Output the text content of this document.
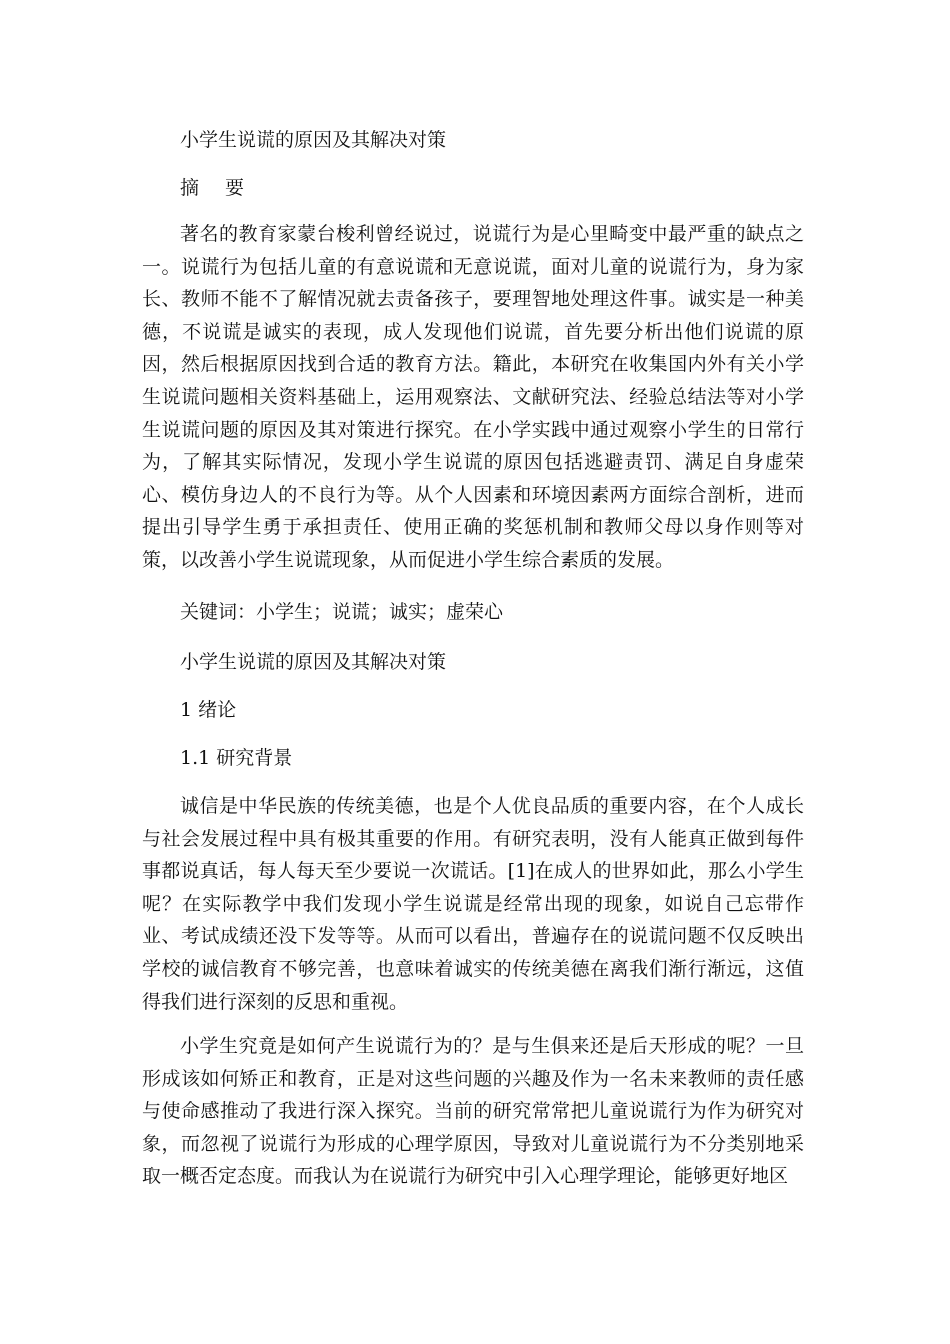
小学生说谎的原因及其解决对策
摘 要

著名的教育家蒙台梭利曾经说过，说谎行为是心里畸变中最严重的缺点之一。说谎行为包括儿童的有意说谎和无意说谎，面对儿童的说谎行为，身为家长、教师不能不了解情况就去责备孩子，要理智地处理这件事。诚实是一种美德，不说谎是诚实的表现，成人发现他们说谎，首先要分析出他们说谎的原因，然后根据原因找到合适的教育方法。籍此，本研究在收集国内外有关小学生说谎问题相关资料基础上，运用观察法、文献研究法、经验总结法等对小学生说谎问题的原因及其对策进行探究。在小学实践中通过观察小学生的日常行为，了解其实际情况，发现小学生说谎的原因包括逃避责罚、满足自身虚荣心、模仿身边人的不良行为等。从个人因素和环境因素两方面综合剖析，进而提出引导学生勇于承担责任、使用正确的奖惩机制和教师父母以身作则等对策，以改善小学生说谎现象，从而促进小学生综合素质的发展。

关键词：小学生；说谎；诚实；虚荣心
小学生说谎的原因及其解决对策
1 绪论
1.1 研究背景

诚信是中华民族的传统美德，也是个人优良品质的重要内容，在个人成长与社会发展过程中具有极其重要的作用。有研究表明，没有人能真正做到每件事都说真话，每人每天至少要说一次谎话。[1]在成人的世界如此，那么小学生呢？在实际教学中我们发现小学生说谎是经常出现的现象，如说自己忘带作业、考试成绩还没下发等等。从而可以看出，普遍存在的说谎问题不仅反映出学校的诚信教育不够完善，也意味着诚实的传统美德在离我们渐行渐远，这值得我们进行深刻的反思和重视。

小学生究竟是如何产生说谎行为的？是与生俱来还是后天形成的呢？一旦形成该如何矫正和教育，正是对这些问题的兴趣及作为一名未来教师的责任感与使命感推动了我进行深入探究。当前的研究常常把儿童说谎行为作为研究对象，而忽视了说谎行为形成的心理学原因，导致对儿童说谎行为不分类别地采取一概否定态度。而我认为在说谎行为研究中引入心理学理论，能够更好地区
